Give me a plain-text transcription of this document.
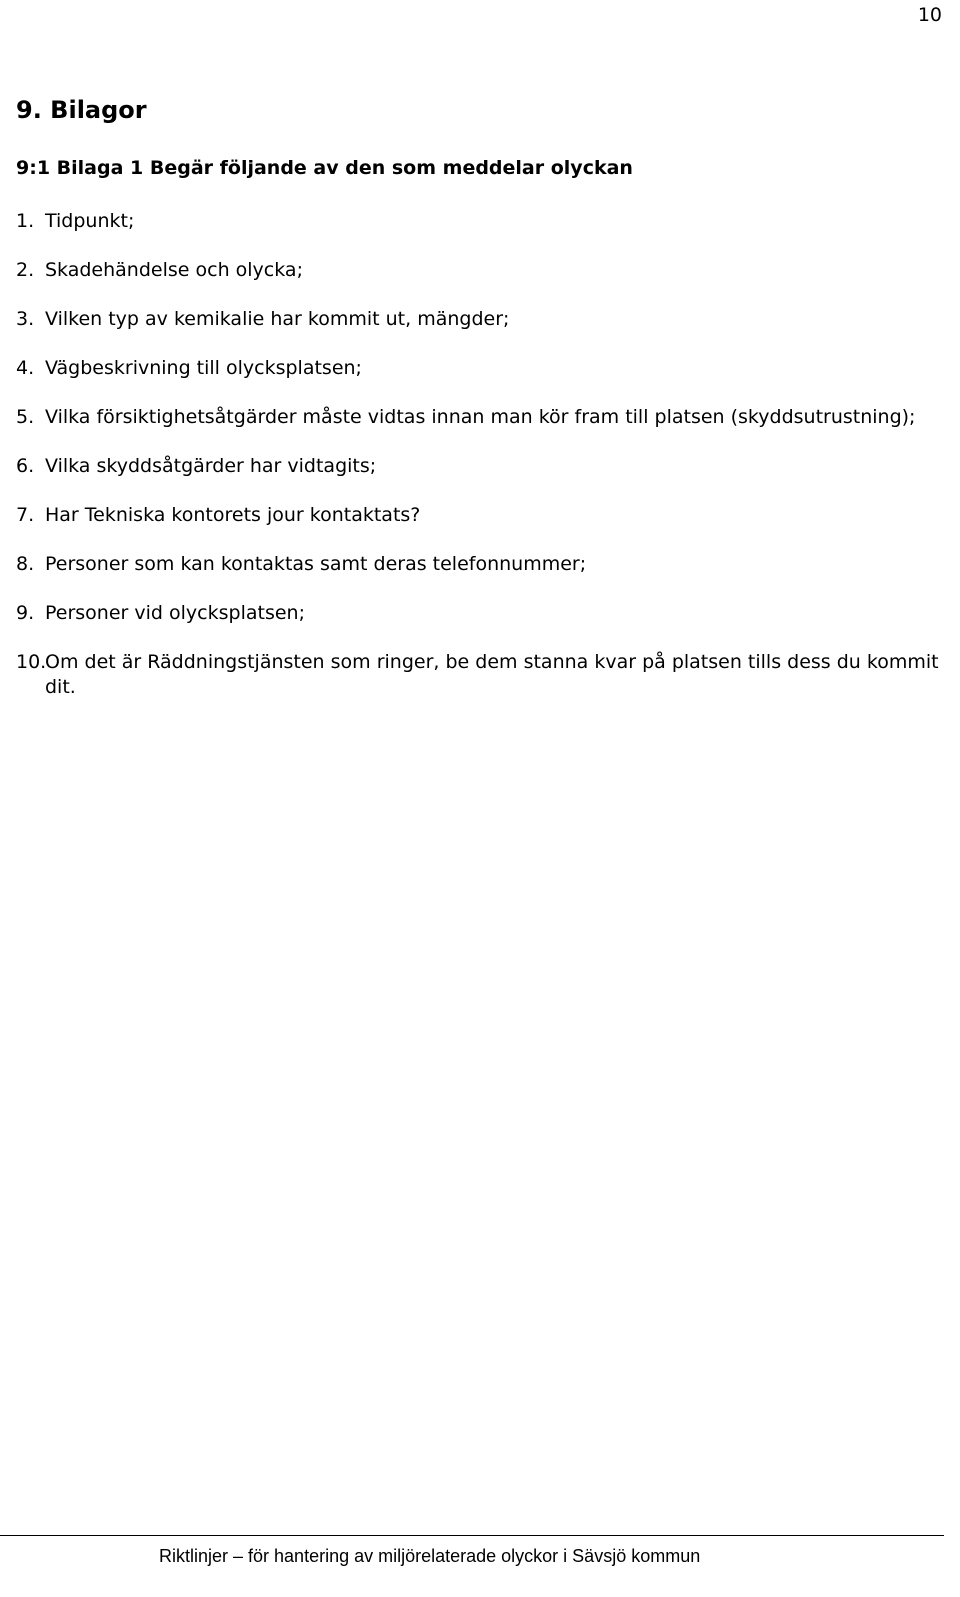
10
9. Bilagor
9:1 Bilaga 1 Begär följande av den som meddelar olyckan
1. Tidpunkt;
2. Skadehändelse och olycka;
3. Vilken typ av kemikalie har kommit ut, mängder;
4. Vägbeskrivning till olycksplatsen;
5. Vilka försiktighetsåtgärder måste vidtas innan man kör fram till platsen (skyddsutrustning);
6. Vilka skyddsåtgärder har vidtagits;
7. Har Tekniska kontorets jour kontaktats?
8. Personer som kan kontaktas samt deras telefonnummer;
9. Personer vid olycksplatsen;
10.
Om det är Räddningstjänsten som ringer, be dem stanna kvar på platsen tills dess du kommit dit.
Riktlinjer – för hantering av miljörelaterade olyckor i Sävsjö kommun
